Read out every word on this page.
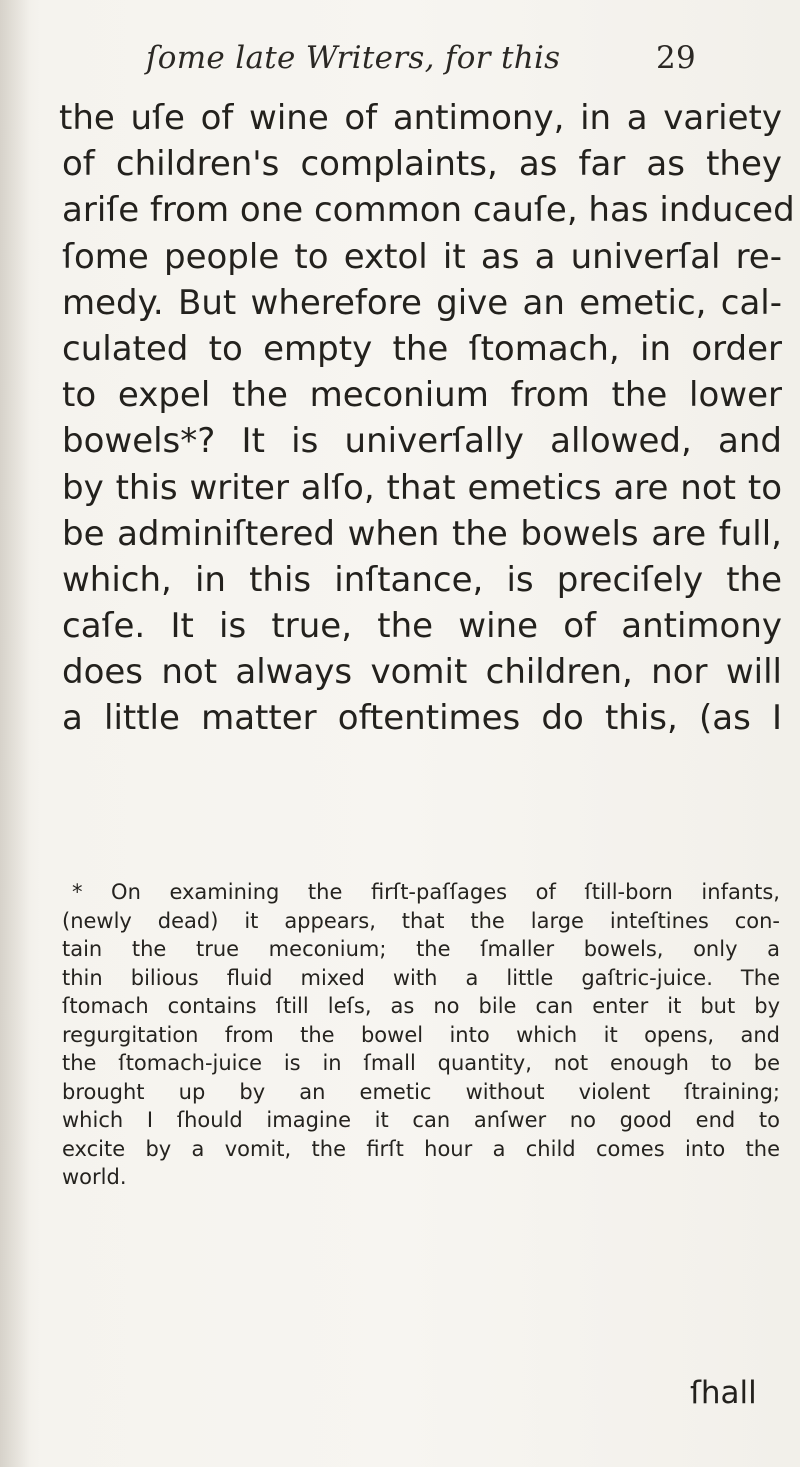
ſome late Writers, for this	29
the uſe of wine of antimony, in a variety
of children's complaints, as far as they
ariſe from one common cauſe, has induced
ſome people to extol it as a univerſal re-
medy. But wherefore give an emetic, cal-
culated to empty the ſtomach, in order
to expel the meconium from the lower
bowels*? It is univerſally allowed, and
by this writer alſo, that emetics are not to
be adminiſtered when the bowels are full,
which, in this inſtance, is preciſely the
caſe. It is true, the wine of antimony
does not always vomit children, nor will
a little matter oftentimes do this, (as I
* On examining the firſt-paſſages of ſtill-born infants,
(newly dead) it appears, that the large inteſtines con-
tain the true meconium; the ſmaller bowels, only a
thin bilious fluid mixed with a little gaſtric-juice. The
ſtomach contains ſtill leſs, as no bile can enter it but by
regurgitation from the bowel into which it opens, and
the ſtomach-juice is in ſmall quantity, not enough to be
brought up by an emetic without violent ſtraining;
which I ſhould imagine it can anſwer no good end to
excite by a vomit, the firſt hour a child comes into the
world.
ſhall
